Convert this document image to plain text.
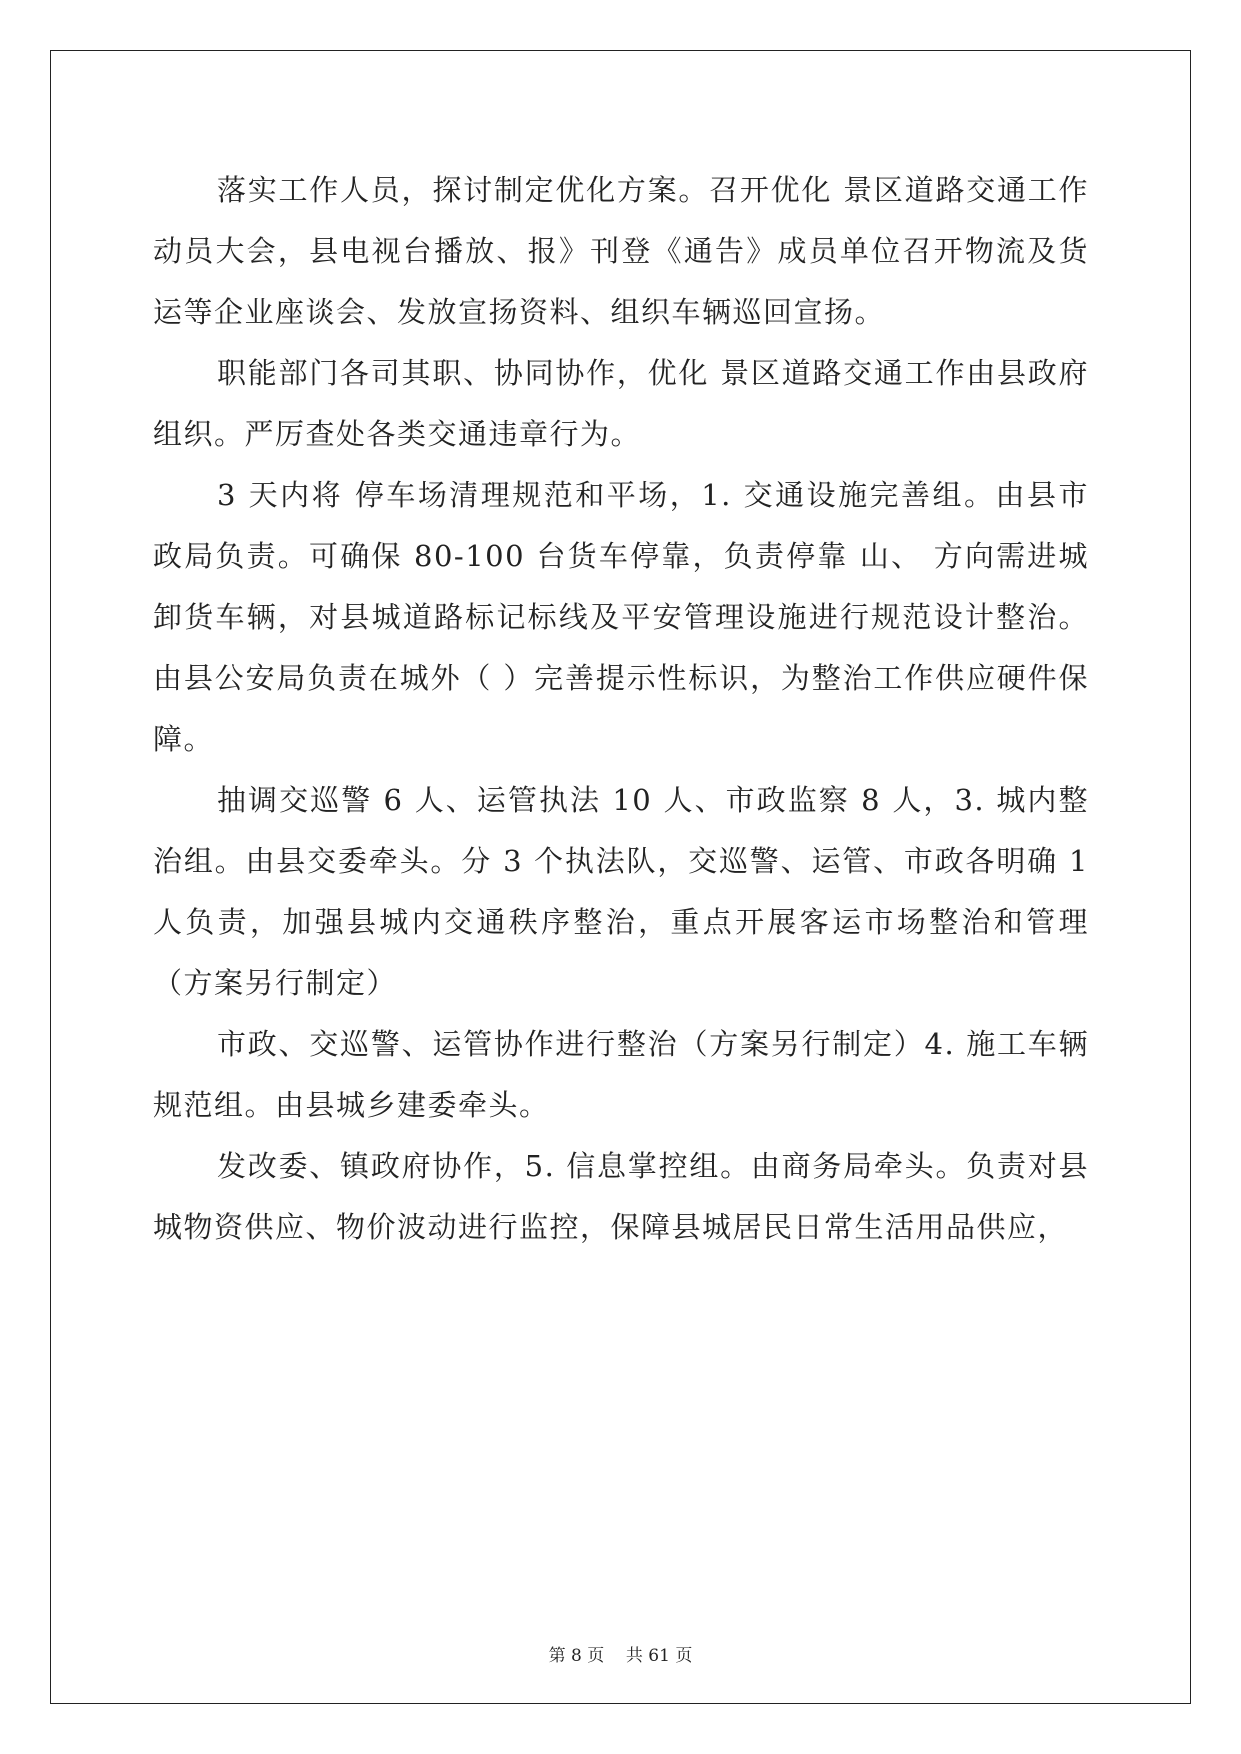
落实工作人员，探讨制定优化方案。召开优化 景区道路交通工作动员大会，县电视台播放、报》刊登《通告》成员单位召开物流及货运等企业座谈会、发放宣扬资料、组织车辆巡回宣扬。

职能部门各司其职、协同协作，优化 景区道路交通工作由县政府组织。严厉查处各类交通违章行为。

3 天内将 停车场清理规范和平场，1. 交通设施完善组。由县市政局负责。可确保 80-100 台货车停靠，负责停靠 山、 方向需进城卸货车辆，对县城道路标记标线及平安管理设施进行规范设计整治。由县公安局负责在城外（ ）完善提示性标识，为整治工作供应硬件保障。

抽调交巡警 6 人、运管执法 10 人、市政监察 8 人，3. 城内整治组。由县交委牵头。分 3 个执法队，交巡警、运管、市政各明确 1 人负责，加强县城内交通秩序整治，重点开展客运市场整治和管理（方案另行制定）

市政、交巡警、运管协作进行整治（方案另行制定）4. 施工车辆规范组。由县城乡建委牵头。

发改委、镇政府协作，5. 信息掌控组。由商务局牵头。负责对县城物资供应、物价波动进行监控，保障县城居民日常生活用品供应，

第 8 页    共 61 页
